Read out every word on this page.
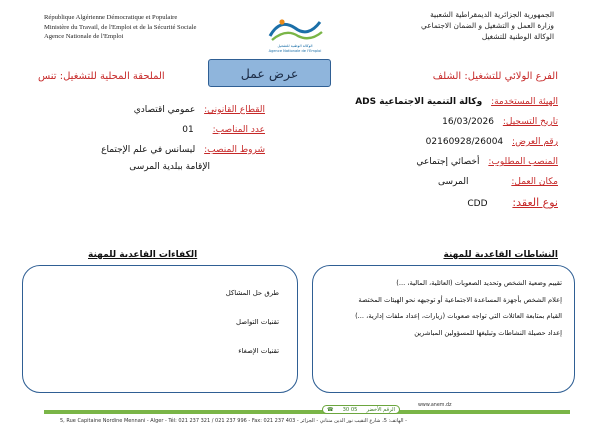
République Algérienne Démocratique et Populaire
Ministère du Travail, de l'Emploi et de la Sécurité Sociale
Agence Nationale de l'Emploi
الوكالة الوطنية للتشغيل
Agence Nationale de l'Emploi
الجمهورية الجزائرية الديمقراطية الشعبية
وزارة العمل و التشغيل و الضمان الاجتماعي
الوكالة الوطنية للتشغيل
عرض عمل	الفرع الولائي للتشغيل: الشلف
الملحقة المحلية للتشغيل: تنس
الهيئة المستخدمة: وكالة التنمية الاجتماعية ADS
تاريخ التسجيل: 16/03/2026
رقم العرض: 02160928/26004
المنصب المطلوب: أخصائي إجتماعي
مكان العمل: المرسى
نوع العقد: CDD
القطاع القانوني: عمومي اقتصادي
عدد المناصب: 01
شروط المنصب: ليسانس في علم الإجتماع
الإقامة ببلدية المرسى
النشاطات القاعدية للمهنة
الكفاءات القاعدية للمهنة
تقييم وضعية الشخص وتحديد الصعوبات (العائلية، المالية، ...)
إعلام الشخص بأجهزة المساعدة الاجتماعية أو توجيهه نحو الهيئات المختصة
القيام بمتابعة العائلات التي تواجه صعوبات (زيارات، إعداد ملفات إدارية، ...)
إعداد حصيلة النشاطات وتبليغها للمسؤولين المباشرين
طرق حل المشاكل
تقنيات التواصل
تقنيات الإصغاء
☎ 30 05 الرقم الأخضر
www.anem.dz
5, Rue Capitaine Nordine Mennani - Alger - Tél: 021 237 321 / 021 237 996 - Fax: 021 237 403 - الهاتف: 5، شارع النقيب نور الدين منناني - الجزائر -
